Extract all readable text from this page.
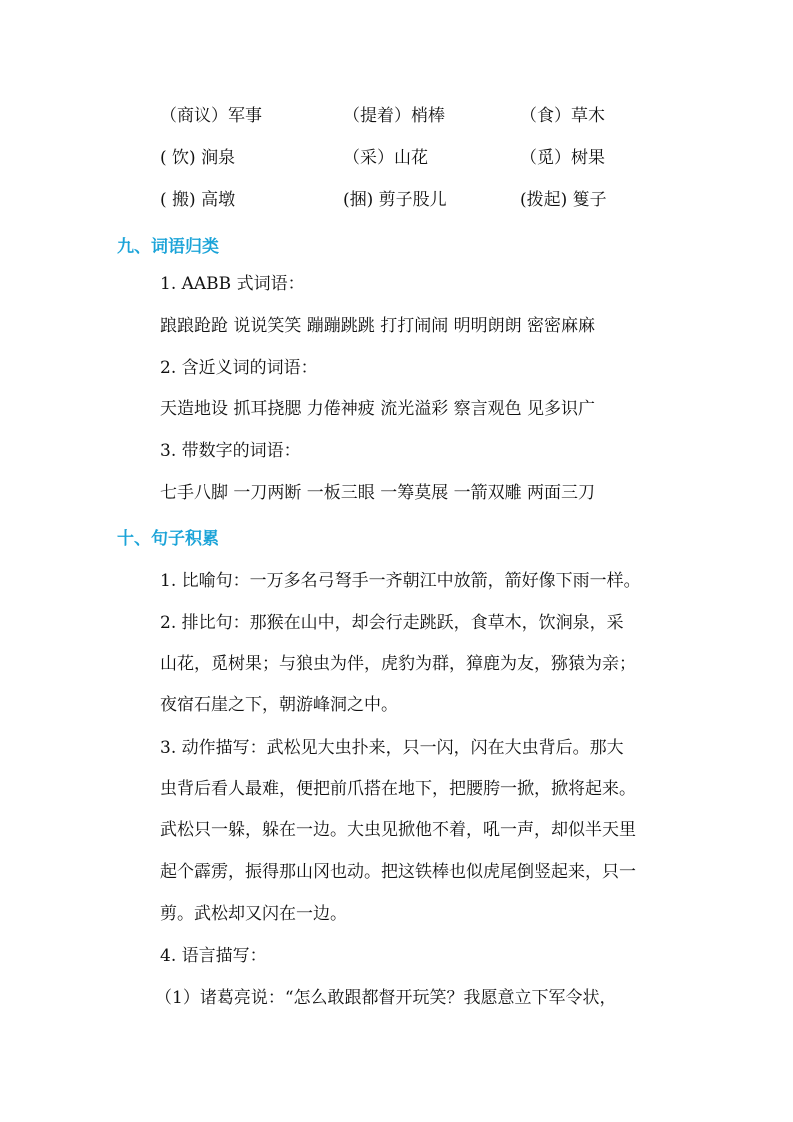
（商议）军事	（提着）梢棒	（食）草木
( 饮) 涧泉	（采）山花	（觅）树果
( 搬) 高墩	(捆) 剪子股儿	(拨起) 篗子
九、词语归类
1. AABB 式词语：
踉踉跄跄 说说笑笑 蹦蹦跳跳 打打闹闹 明明朗朗 密密麻麻
2. 含近义词的词语：
天造地设 抓耳挠腮 力倦神疲 流光溢彩 察言观色 见多识广
3. 带数字的词语：
七手八脚 一刀两断 一板三眼 一筹莫展 一箭双雕 两面三刀
十、句子积累
1. 比喻句：一万多名弓弩手一齐朝江中放箭，箭好像下雨一样。
2. 排比句：那猴在山中，却会行走跳跃，食草木，饮涧泉，采
山花，觅树果；与狼虫为伴，虎豹为群，獐鹿为友，猕猿为亲；
夜宿石崖之下，朝游峰洞之中。
3. 动作描写：武松见大虫扑来，只一闪，闪在大虫背后。那大
虫背后看人最难，便把前爪搭在地下，把腰胯一掀，掀将起来。
武松只一躲，躲在一边。大虫见掀他不着，吼一声，却似半天里
起个霹雳，振得那山冈也动。把这铁棒也似虎尾倒竖起来，只一
剪。武松却又闪在一边。
4. 语言描写：
（1）诸葛亮说：“怎么敢跟都督开玩笑？我愿意立下军令状，
